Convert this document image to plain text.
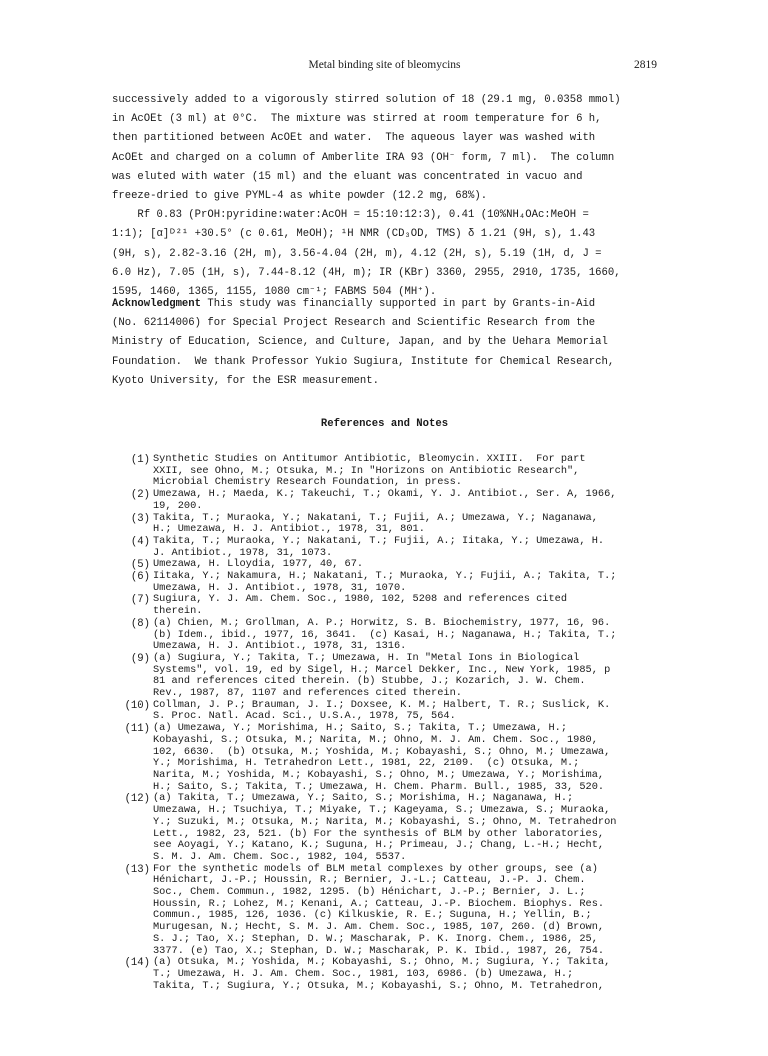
Metal binding site of bleomycins	2819

successively added to a vigorously stirred solution of 18 (29.1 mg, 0.0358 mmol)

in AcOEt (3 ml) at 0°C.  The mixture was stirred at room temperature for 6 h,

then partitioned between AcOEt and water.  The aqueous layer was washed with

AcOEt and charged on a column of Amberlite IRA 93 (OH⁻ form, 7 ml).  The column

was eluted with water (15 ml) and the eluant was concentrated in vacuo and

freeze-dried to give PYML-4 as white powder (12.2 mg, 68%).

Rf 0.83 (PrOH:pyridine:water:AcOH = 15:10:12:3), 0.41 (10%NH₄OAc:MeOH =

1:1); [α]ᴰ²¹ +30.5° (c 0.61, MeOH); ¹H NMR (CD₃OD, TMS) δ 1.21 (9H, s), 1.43

(9H, s), 2.82-3.16 (2H, m), 3.56-4.04 (2H, m), 4.12 (2H, s), 5.19 (1H, d, J =

6.0 Hz), 7.05 (1H, s), 7.44-8.12 (4H, m); IR (KBr) 3360, 2955, 2910, 1735, 1660,

1595, 1460, 1365, 1155, 1080 cm⁻¹; FABMS 504 (MH⁺).

Acknowledgment This study was financially supported in part by Grants-in-Aid

(No. 62114006) for Special Project Research and Scientific Research from the

Ministry of Education, Science, and Culture, Japan, and by the Uehara Memorial

Foundation.  We thank Professor Yukio Sugiura, Institute for Chemical Research,

Kyoto University, for the ESR measurement.

References and Notes
(1) Synthetic Studies on Antitumor Antibiotic, Bleomycin. XXIII.  For part
XXII, see Ohno, M.; Otsuka, M.; In "Horizons on Antibiotic Research",
Microbial Chemistry Research Foundation, in press.
(2) Umezawa, H.; Maeda, K.; Takeuchi, T.; Okami, Y. J. Antibiot., Ser. A, 1966,
19, 200.
(3) Takita, T.; Muraoka, Y.; Nakatani, T.; Fujii, A.; Umezawa, Y.; Naganawa,
H.; Umezawa, H. J. Antibiot., 1978, 31, 801.
(4) Takita, T.; Muraoka, Y.; Nakatani, T.; Fujii, A.; Iitaka, Y.; Umezawa, H.
J. Antibiot., 1978, 31, 1073.
(5) Umezawa, H. Lloydia, 1977, 40, 67.
(6) Iitaka, Y.; Nakamura, H.; Nakatani, T.; Muraoka, Y.; Fujii, A.; Takita, T.;
Umezawa, H. J. Antibiot., 1978, 31, 1070.
(7) Sugiura, Y. J. Am. Chem. Soc., 1980, 102, 5208 and references cited
therein.
(8) (a) Chien, M.; Grollman, A. P.; Horwitz, S. B. Biochemistry, 1977, 16, 96.
(b) Idem., ibid., 1977, 16, 3641.  (c) Kasai, H.; Naganawa, H.; Takita, T.;
Umezawa, H. J. Antibiot., 1978, 31, 1316.
(9) (a) Sugiura, Y.; Takita, T.; Umezawa, H. In "Metal Ions in Biological
Systems", vol. 19, ed by Sigel, H.; Marcel Dekker, Inc., New York, 1985, p
81 and references cited therein. (b) Stubbe, J.; Kozarich, J. W. Chem.
Rev., 1987, 87, 1107 and references cited therein.
(10) Collman, J. P.; Brauman, J. I.; Doxsee, K. M.; Halbert, T. R.; Suslick, K.
S. Proc. Natl. Acad. Sci., U.S.A., 1978, 75, 564.
(11) (a) Umezawa, Y.; Morishima, H.; Saito, S.; Takita, T.; Umezawa, H.;
Kobayashi, S.; Otsuka, M.; Narita, M.; Ohno, M. J. Am. Chem. Soc., 1980,
102, 6630.  (b) Otsuka, M.; Yoshida, M.; Kobayashi, S.; Ohno, M.; Umezawa,
Y.; Morishima, H. Tetrahedron Lett., 1981, 22, 2109.  (c) Otsuka, M.;
Narita, M.; Yoshida, M.; Kobayashi, S.; Ohno, M.; Umezawa, Y.; Morishima,
H.; Saito, S.; Takita, T.; Umezawa, H. Chem. Pharm. Bull., 1985, 33, 520.
(12) (a) Takita, T.; Umezawa, Y.; Saito, S.; Morishima, H.; Naganawa, H.;
Umezawa, H.; Tsuchiya, T.; Miyake, T.; Kageyama, S.; Umezawa, S.; Muraoka,
Y.; Suzuki, M.; Otsuka, M.; Narita, M.; Kobayashi, S.; Ohno, M. Tetrahedron
Lett., 1982, 23, 521. (b) For the synthesis of BLM by other laboratories,
see Aoyagi, Y.; Katano, K.; Suguna, H.; Primeau, J.; Chang, L.-H.; Hecht,
S. M. J. Am. Chem. Soc., 1982, 104, 5537.
(13) For the synthetic models of BLM metal complexes by other groups, see (a)
Hénichart, J.-P.; Houssin, R.; Bernier, J.-L.; Catteau, J.-P. J. Chem.
Soc., Chem. Commun., 1982, 1295. (b) Hénichart, J.-P.; Bernier, J. L.;
Houssin, R.; Lohez, M.; Kenani, A.; Catteau, J.-P. Biochem. Biophys. Res.
Commun., 1985, 126, 1036. (c) Kilkuskie, R. E.; Suguna, H.; Yellin, B.;
Murugesan, N.; Hecht, S. M. J. Am. Chem. Soc., 1985, 107, 260. (d) Brown,
S. J.; Tao, X.; Stephan, D. W.; Mascharak, P. K. Inorg. Chem., 1986, 25,
3377. (e) Tao, X.; Stephan, D. W.; Mascharak, P. K. Ibid., 1987, 26, 754.
(14) (a) Otsuka, M.; Yoshida, M.; Kobayashi, S.; Ohno, M.; Sugiura, Y.; Takita,
T.; Umezawa, H. J. Am. Chem. Soc., 1981, 103, 6986. (b) Umezawa, H.;
Takita, T.; Sugiura, Y.; Otsuka, M.; Kobayashi, S.; Ohno, M. Tetrahedron,
